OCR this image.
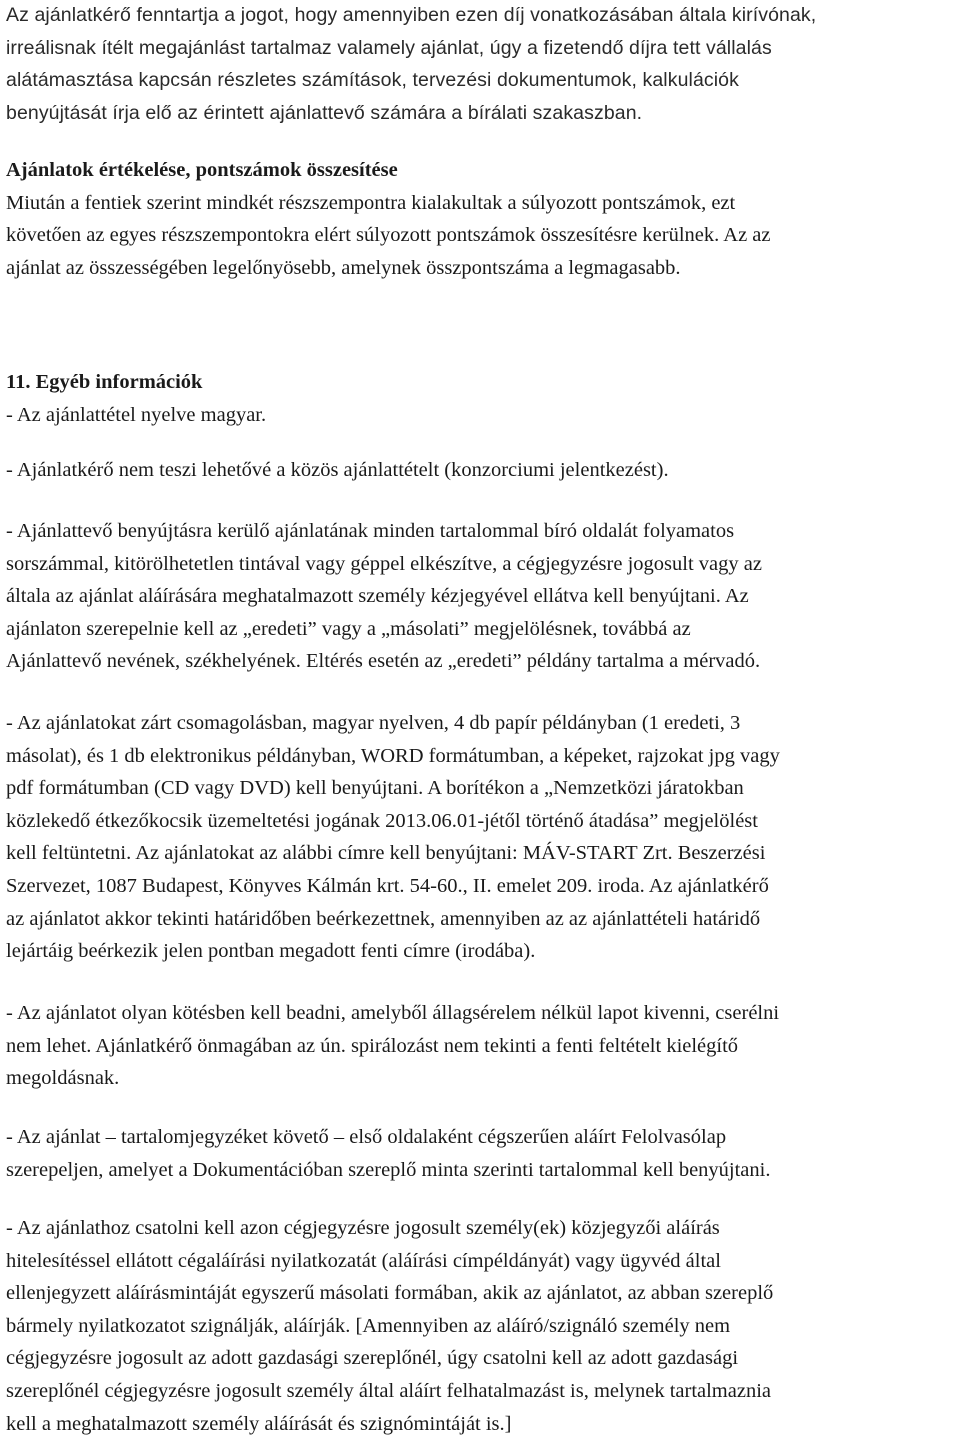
Az ajánlatkérő fenntartja a jogot, hogy amennyiben ezen díj vonatkozásában általa kirívónak,
irreálisnak ítélt megajánlást tartalmaz valamely ajánlat, úgy a fizetendő díjra tett vállalás
alátámasztása kapcsán részletes számítások, tervezési dokumentumok, kalkulációk
benyújtását írja elő az érintett ajánlattevő számára a bírálati szakaszban.
Ajánlatok értékelése, pontszámok összesítése
Miután a fentiek szerint mindkét részszempontra kialakultak a súlyozott pontszámok, ezt
követően az egyes részszempontokra elért súlyozott pontszámok összesítésre kerülnek. Az az
ajánlat az összességében legelőnyösebb, amelynek összpontszáma a legmagasabb.
11. Egyéb információk
- Az ajánlattétel nyelve magyar.
- Ajánlatkérő nem teszi lehetővé a közös ajánlattételt (konzorciumi jelentkezést).
- Ajánlattevő benyújtásra kerülő ajánlatának minden tartalommal bíró oldalát folyamatos
sorszámmal, kitörölhetetlen tintával vagy géppel elkészítve, a cégjegyzésre jogosult vagy az
általa az ajánlat aláírására meghatalmazott személy kézjegyével ellátva kell benyújtani. Az
ajánlaton szerepelnie kell az „eredeti” vagy a „másolati” megjelölésnek, továbbá az
Ajánlattevő nevének, székhelyének. Eltérés esetén az „eredeti” példány tartalma a mérvadó.
- Az ajánlatokat zárt csomagolásban, magyar nyelven, 4 db papír példányban (1 eredeti, 3
másolat), és 1 db elektronikus példányban, WORD formátumban, a képeket, rajzokat jpg vagy
pdf formátumban (CD vagy DVD) kell benyújtani. A borítékon a „Nemzetközi járatokban
közlekedő étkezőkocsik üzemeltetési jogának 2013.06.01-jétől történő átadása” megjelölést
kell feltüntetni. Az ajánlatokat az alábbi címre kell benyújtani: MÁV-START Zrt. Beszerzési
Szervezet, 1087 Budapest, Könyves Kálmán krt. 54-60., II. emelet 209. iroda. Az ajánlatkérő
az ajánlatot akkor tekinti határidőben beérkezettnek, amennyiben az az ajánlattételi határidő
lejártáig beérkezik jelen pontban megadott fenti címre (irodába).
- Az ajánlatot olyan kötésben kell beadni, amelyből állagsérelem nélkül lapot kivenni, cserélni
nem lehet. Ajánlatkérő önmagában az ún. spirálozást nem tekinti a fenti feltételt kielégítő
megoldásnak.
- Az ajánlat – tartalomjegyzéket követő – első oldalaként cégszerűen aláírt Felolvasólap
szerepeljen, amelyet a Dokumentációban szereplő minta szerinti tartalommal kell benyújtani.
- Az ajánlathoz csatolni kell azon cégjegyzésre jogosult személy(ek) közjegyzői aláírás
hitelesítéssel ellátott cégaláírási nyilatkozatát (aláírási címpéldányát) vagy ügyvéd által
ellenjegyzett aláírásmintáját egyszerű másolati formában, akik az ajánlatot, az abban szereplő
bármely nyilatkozatot szignálják, aláírják. [Amennyiben az aláíró/szignáló személy nem
cégjegyzésre jogosult az adott gazdasági szereplőnél, úgy csatolni kell az adott gazdasági
szereplőnél cégjegyzésre jogosult személy által aláírt felhatalmazást is, melynek tartalmaznia
kell a meghatalmazott személy aláírását és szignómintáját is.]
